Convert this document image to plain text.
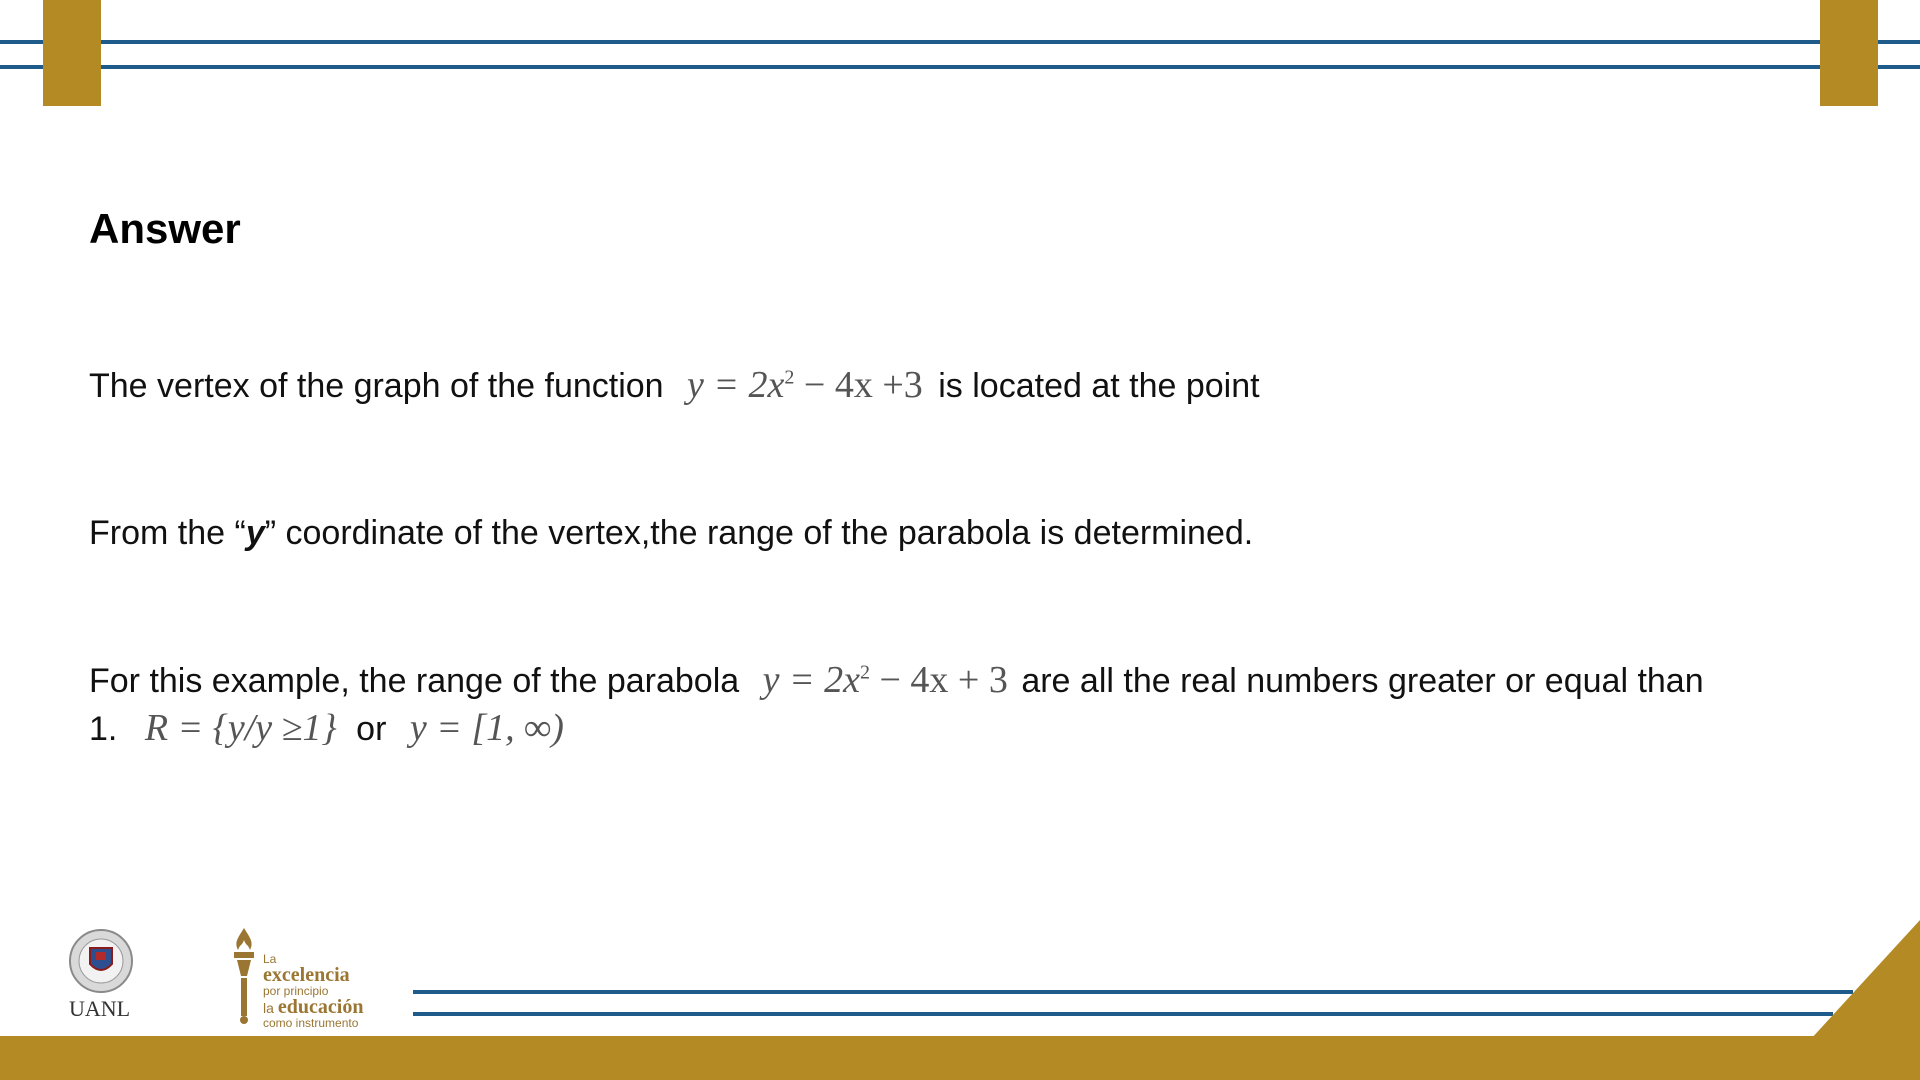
Answer
The vertex of the graph of the function $y = 2x^2 - 4x +3$ is located at the point
From the “y” coordinate of the vertex,the range of the parabola is determined.
For this example, the range of the parabola $y = 2x^2 - 4x + 3$ are all the real numbers greater or equal than
1. R = {y/y ≥1} or y = [1, ∞)
UANL
La
excelencia
por principio
la educación
como instrumento
